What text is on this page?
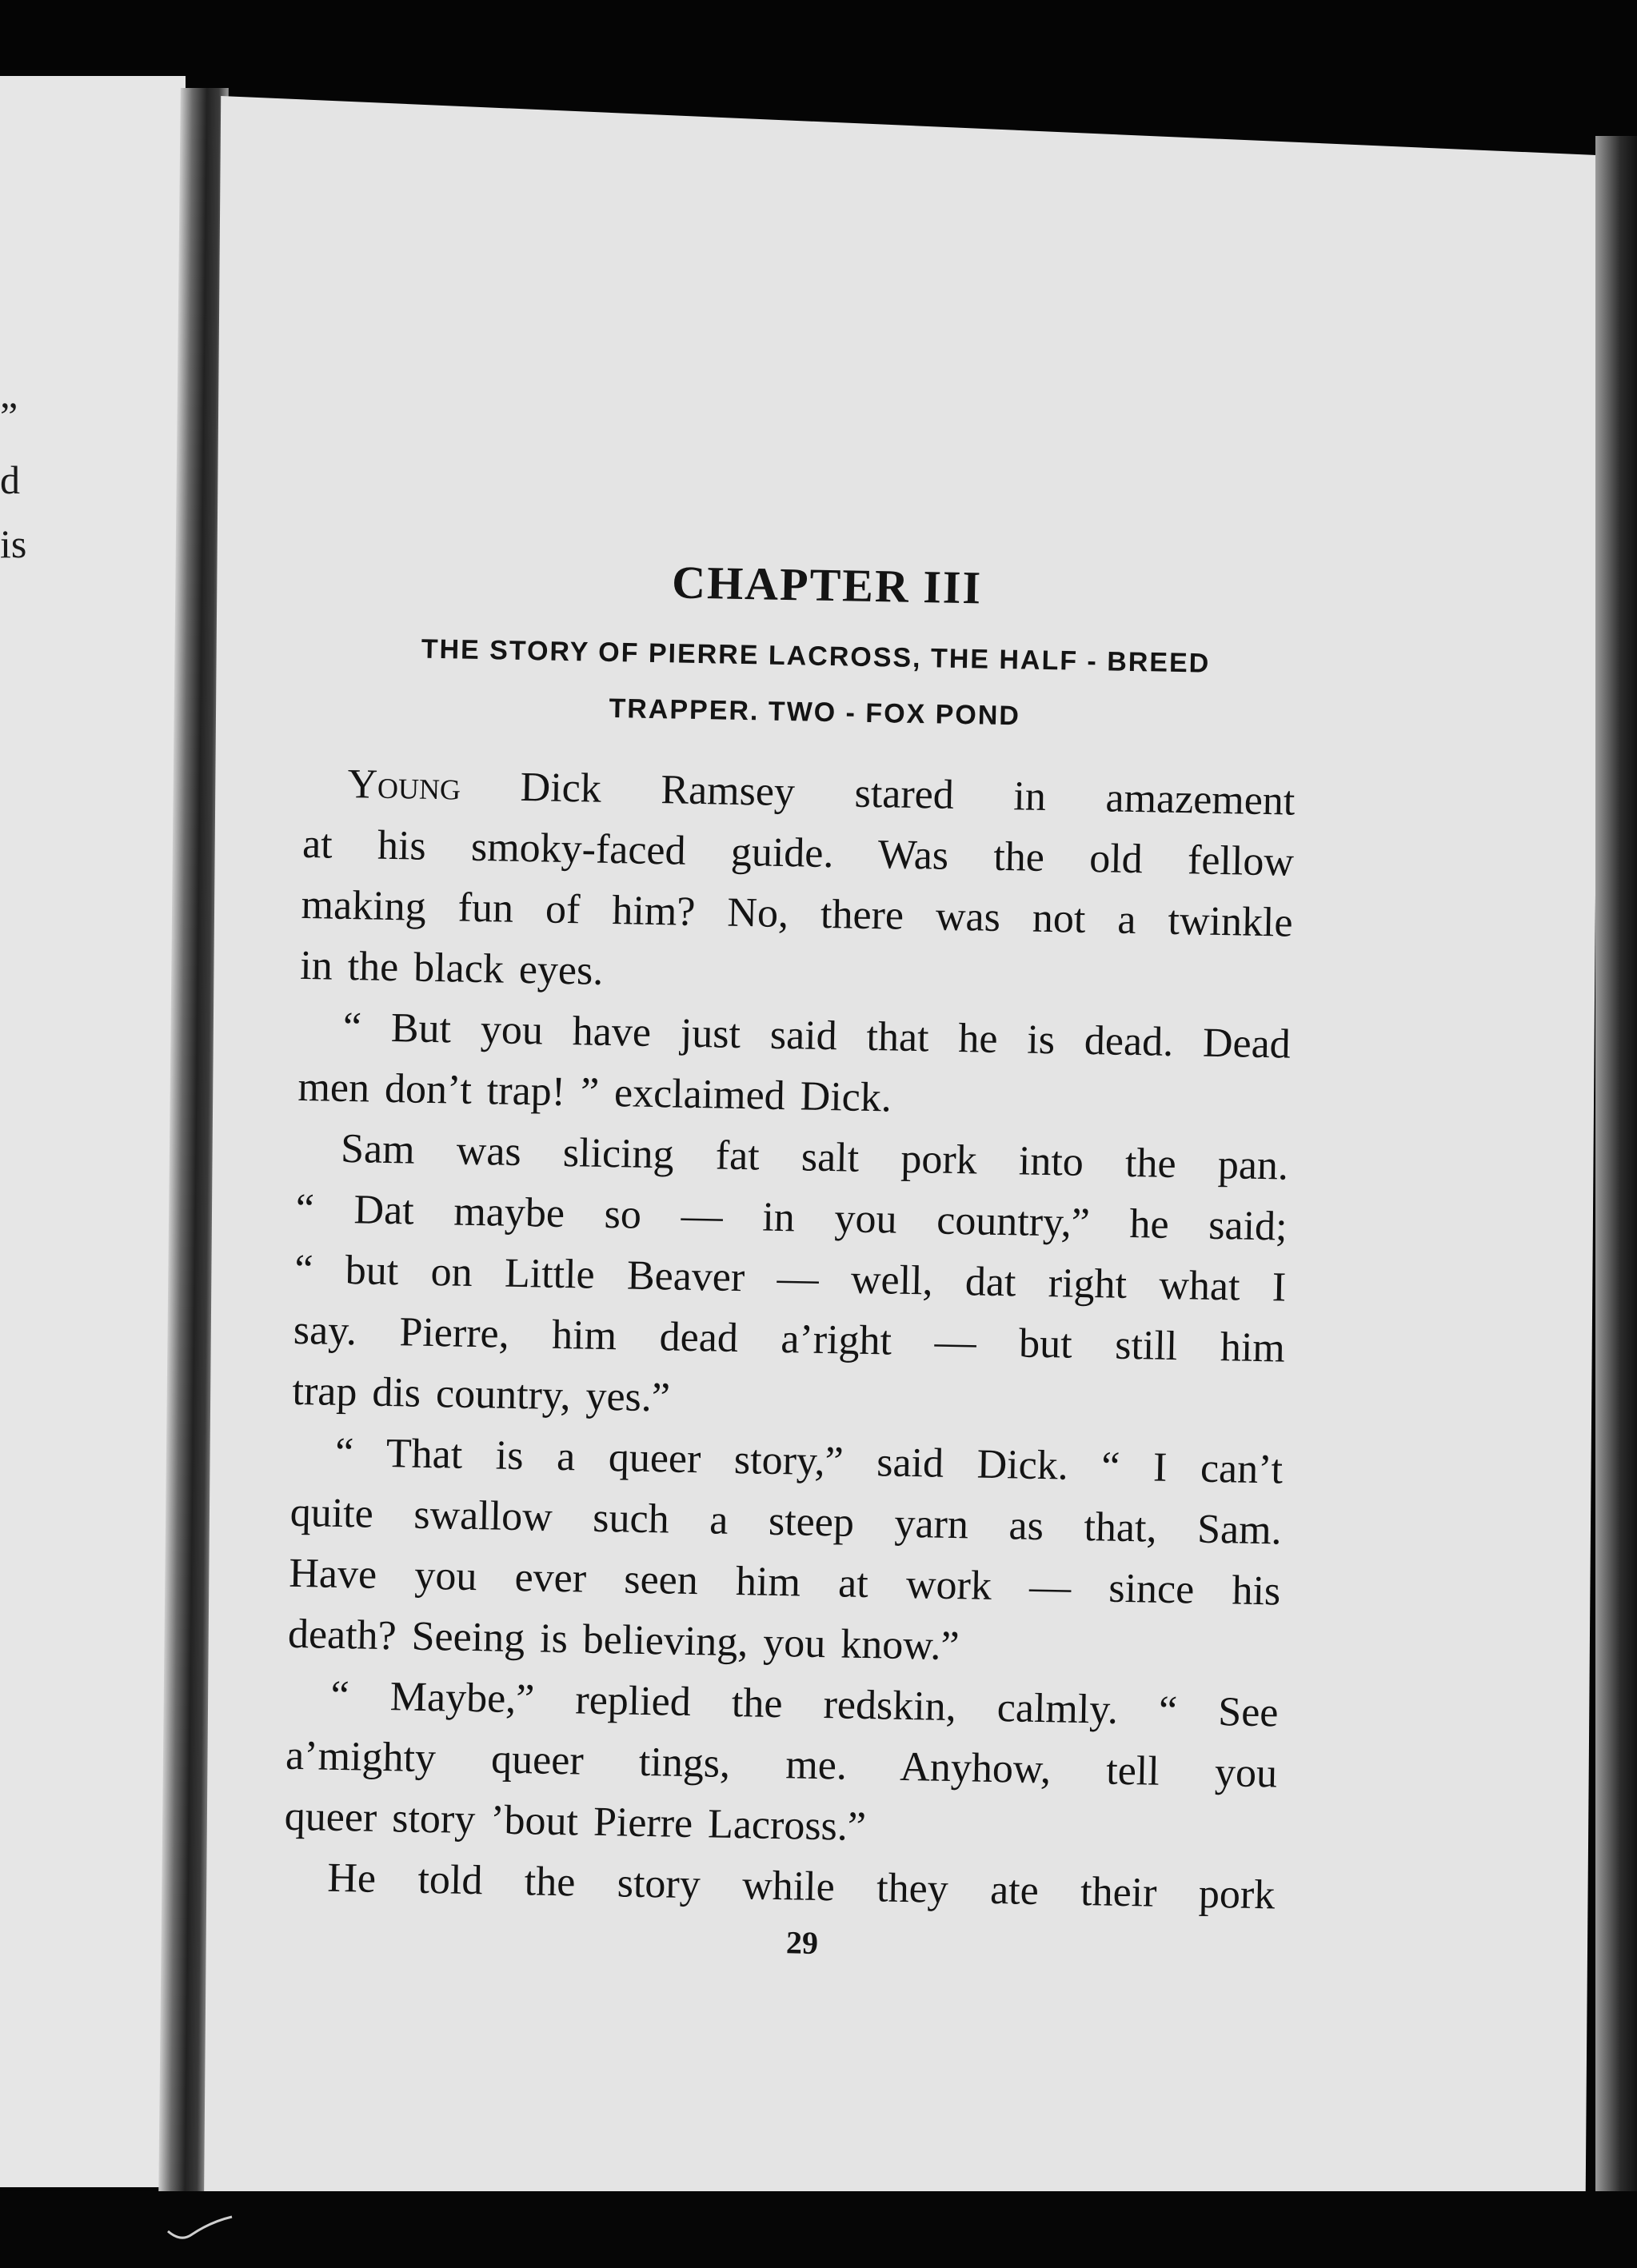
”
d
is
CHAPTER III
THE STORY OF PIERRE LACROSS, THE HALF - BREED
TRAPPER. TWO - FOX POND

Young Dick Ramsey stared in amazement
at his smoky-faced guide. Was the old fellow
making fun of him? No, there was not a twinkle
in the black eyes.

“ But you have just said that he is dead. Dead
men don’t trap! ” exclaimed Dick.

Sam was slicing fat salt pork into the pan.
“ Dat maybe so — in you country,” he said;
“ but on Little Beaver — well, dat right what I
say. Pierre, him dead a’right — but still him
trap dis country, yes.”

“ That is a queer story,” said Dick. “ I can’t
quite swallow such a steep yarn as that, Sam.
Have you ever seen him at work — since his
death? Seeing is believing, you know.”

“ Maybe,” replied the redskin, calmly. “ See
a’mighty queer tings, me. Anyhow, tell you
queer story ’bout Pierre Lacross.”

He told the story while they ate their pork

29
